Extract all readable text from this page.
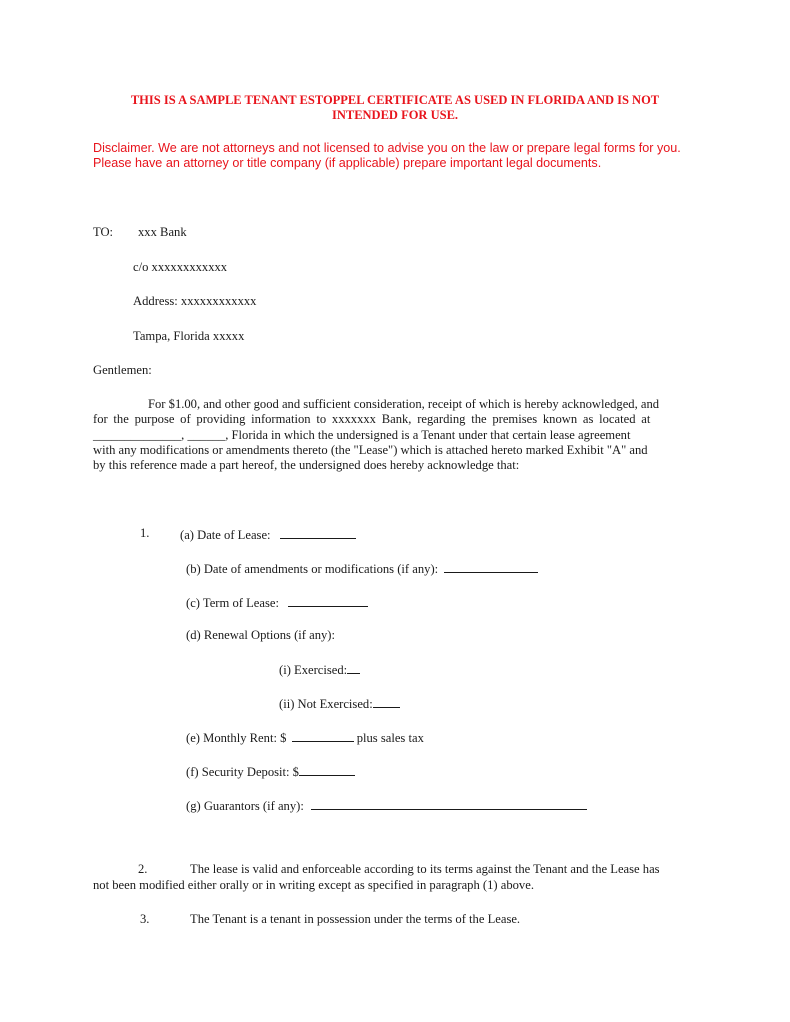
THIS IS A SAMPLE TENANT ESTOPPEL CERTIFICATE AS USED IN FLORIDA AND IS NOT
INTENDED FOR USE.
Disclaimer. We are not attorneys and not licensed to advise you on the law or prepare legal forms for you.
Please have an attorney or title company (if applicable) prepare important legal documents.
TO: xxx Bank
c/o xxxxxxxxxxxx
Address: xxxxxxxxxxxx
Tampa, Florida xxxxx
Gentlemen:
For $1.00, and other good and sufficient consideration, receipt of which is hereby acknowledged, and
for the purpose of providing information to xxxxxxx Bank, regarding the premises known as located at
______________, ______, Florida in which the undersigned is a Tenant under that certain lease agreement
with any modifications or amendments thereto (the "Lease") which is attached hereto marked Exhibit "A" and
by this reference made a part hereof, the undersigned does hereby acknowledge that:
1. (a) Date of Lease:
(b) Date of amendments or modifications (if any):
(c) Term of Lease:
(d) Renewal Options (if any):
(i) Exercised:
(ii) Not Exercised:
(e) Monthly Rent: $	plus sales tax
(f) Security Deposit: $
(g) Guarantors (if any):
2.	The lease is valid and enforceable according to its terms against the Tenant and the Lease has
not been modified either orally or in writing except as specified in paragraph (1) above.
3.	The Tenant is a tenant in possession under the terms of the Lease.
